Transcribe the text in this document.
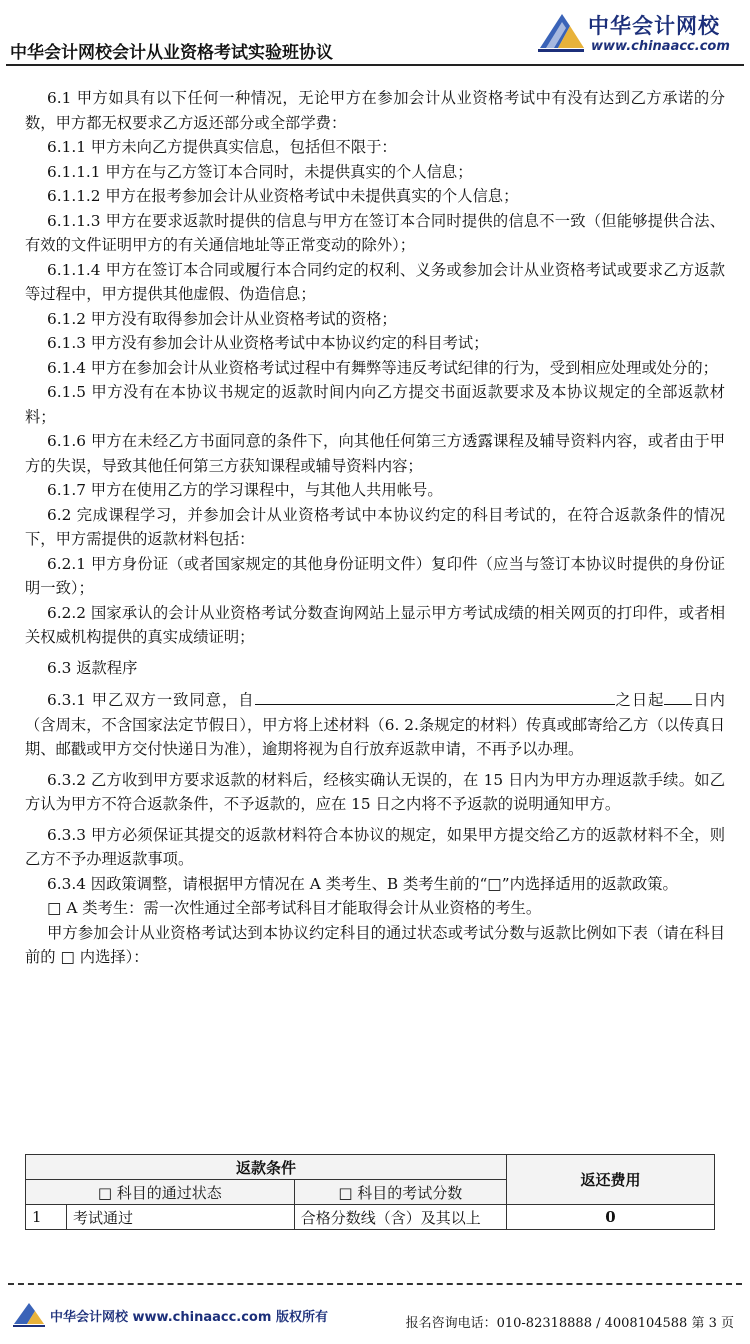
中华会计网校会计从业资格考试实验班协议
中华会计网校
www.chinaacc.com

6.1 甲方如具有以下任何一种情况，无论甲方在参加会计从业资格考试中有没有达到乙方承诺的分数，甲方都无权要求乙方返还部分或全部学费：

6.1.1 甲方未向乙方提供真实信息，包括但不限于：

6.1.1.1 甲方在与乙方签订本合同时，未提供真实的个人信息；

6.1.1.2 甲方在报考参加会计从业资格考试中未提供真实的个人信息；

6.1.1.3 甲方在要求返款时提供的信息与甲方在签订本合同时提供的信息不一致（但能够提供合法、有效的文件证明甲方的有关通信地址等正常变动的除外）；

6.1.1.4 甲方在签订本合同或履行本合同约定的权利、义务或参加会计从业资格考试或要求乙方返款等过程中，甲方提供其他虚假、伪造信息；

6.1.2 甲方没有取得参加会计从业资格考试的资格；

6.1.3 甲方没有参加会计从业资格考试中本协议约定的科目考试；

6.1.4 甲方在参加会计从业资格考试过程中有舞弊等违反考试纪律的行为，受到相应处理或处分的；

6.1.5 甲方没有在本协议书规定的返款时间内向乙方提交书面返款要求及本协议规定的全部返款材料；

6.1.6 甲方在未经乙方书面同意的条件下，向其他任何第三方透露课程及辅导资料内容，或者由于甲方的失误，导致其他任何第三方获知课程或辅导资料内容；

6.1.7 甲方在使用乙方的学习课程中，与其他人共用帐号。

6.2 完成课程学习，并参加会计从业资格考试中本协议约定的科目考试的，在符合返款条件的情况下，甲方需提供的返款材料包括：

6.2.1 甲方身份证（或者国家规定的其他身份证明文件）复印件（应当与签订本协议时提供的身份证明一致）；

6.2.2 国家承认的会计从业资格考试分数查询网站上显示甲方考试成绩的相关网页的打印件，或者相关权威机构提供的真实成绩证明；

6.3 返款程序

6.3.1 甲乙双方一致同意，自	之日起 日内（含周末，不含国家法定节假日），甲方将上述材料（6. 2.条规定的材料）传真或邮寄给乙方（以传真日期、邮戳或甲方交付快递日为准），逾期将视为自行放弃返款申请，不再予以办理。

6.3.2 乙方收到甲方要求返款的材料后，经核实确认无误的，在 15 日内为甲方办理返款手续。如乙方认为甲方不符合返款条件，不予返款的，应在 15 日之内将不予返款的说明通知甲方。

6.3.3 甲方必须保证其提交的返款材料符合本协议的规定，如果甲方提交给乙方的返款材料不全，则乙方不予办理返款事项。

6.3.4 因政策调整，请根据甲方情况在 A 类考生、B 类考生前的“□”内选择适用的返款政策。

□ A 类考生：需一次性通过全部考试科目才能取得会计从业资格的考生。

甲方参加会计从业资格考试达到本协议约定科目的通过状态或考试分数与返款比例如下表（请在科目前的 □ 内选择）：

返款条件			返还费用
□ 科目的通过状态		□ 科目的考试分数	
1	考试通过	合格分数线（含）及其以上	0
中华会计网校 www.chinaacc.com 版权所有	报名咨询电话：010-82318888 / 4008104588 第 3 页
